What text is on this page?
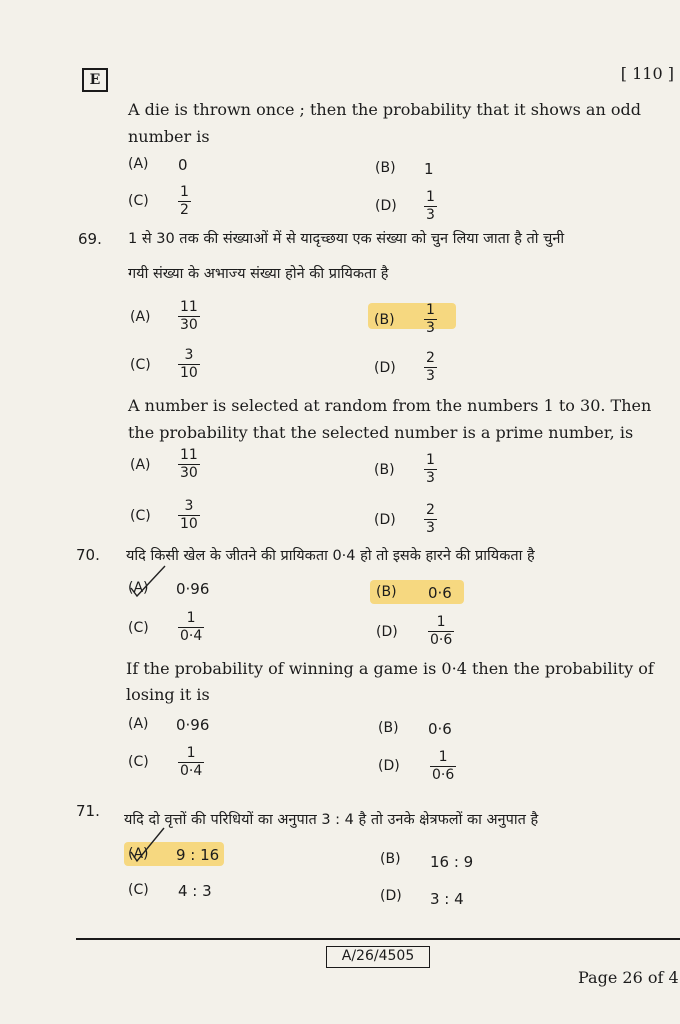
E	[ 110 ]
A die is thrown once ; then the probability that it shows an odd
number is
(A) 0	(B) 1
$(C) \frac{1}{2}$	$(D) \frac{1}{3}$
69. 1 से 30 तक की संख्याओं में से यादृच्छया एक संख्या को चुन लिया जाता है तो चुनी
गयी संख्या के अभाज्य संख्या होने की प्रायिकता है
$(A) \frac{11}{30}$	$(B) \frac{1}{3}$
$(C) \frac{3}{10}$	$(D) \frac{2}{3}$
A number is selected at random from the numbers 1 to 30. Then
the probability that the selected number is a prime number, is
$(A) \frac{11}{30}$	$(B) \frac{1}{3}$
$(C) \frac{3}{10}$	$(D) \frac{2}{3}$
70. यदि किसी खेल के जीतने की प्रायिकता 0·4 हो तो इसके हारने की प्रायिकता है
(A) 0·96	(B) 0·6
$(C) \frac{1}{0\cdot 4}$	$(D) \frac{1}{0\cdot 6}$
If the probability of winning a game is 0·4 then the probability of
losing it is
(A) 0·96	(B) 0·6
$(C) \frac{1}{0\cdot 4}$	$(D) \frac{1}{0\cdot 6}$
71. यदि दो वृत्तों की परिधियों का अनुपात 3 : 4 है तो उनके क्षेत्रफलों का अनुपात है
(A) 9 : 16	(B) 16 : 9
(C) 4 : 3	(D) 3 : 4
A/26/4505
Page 26 of 4
